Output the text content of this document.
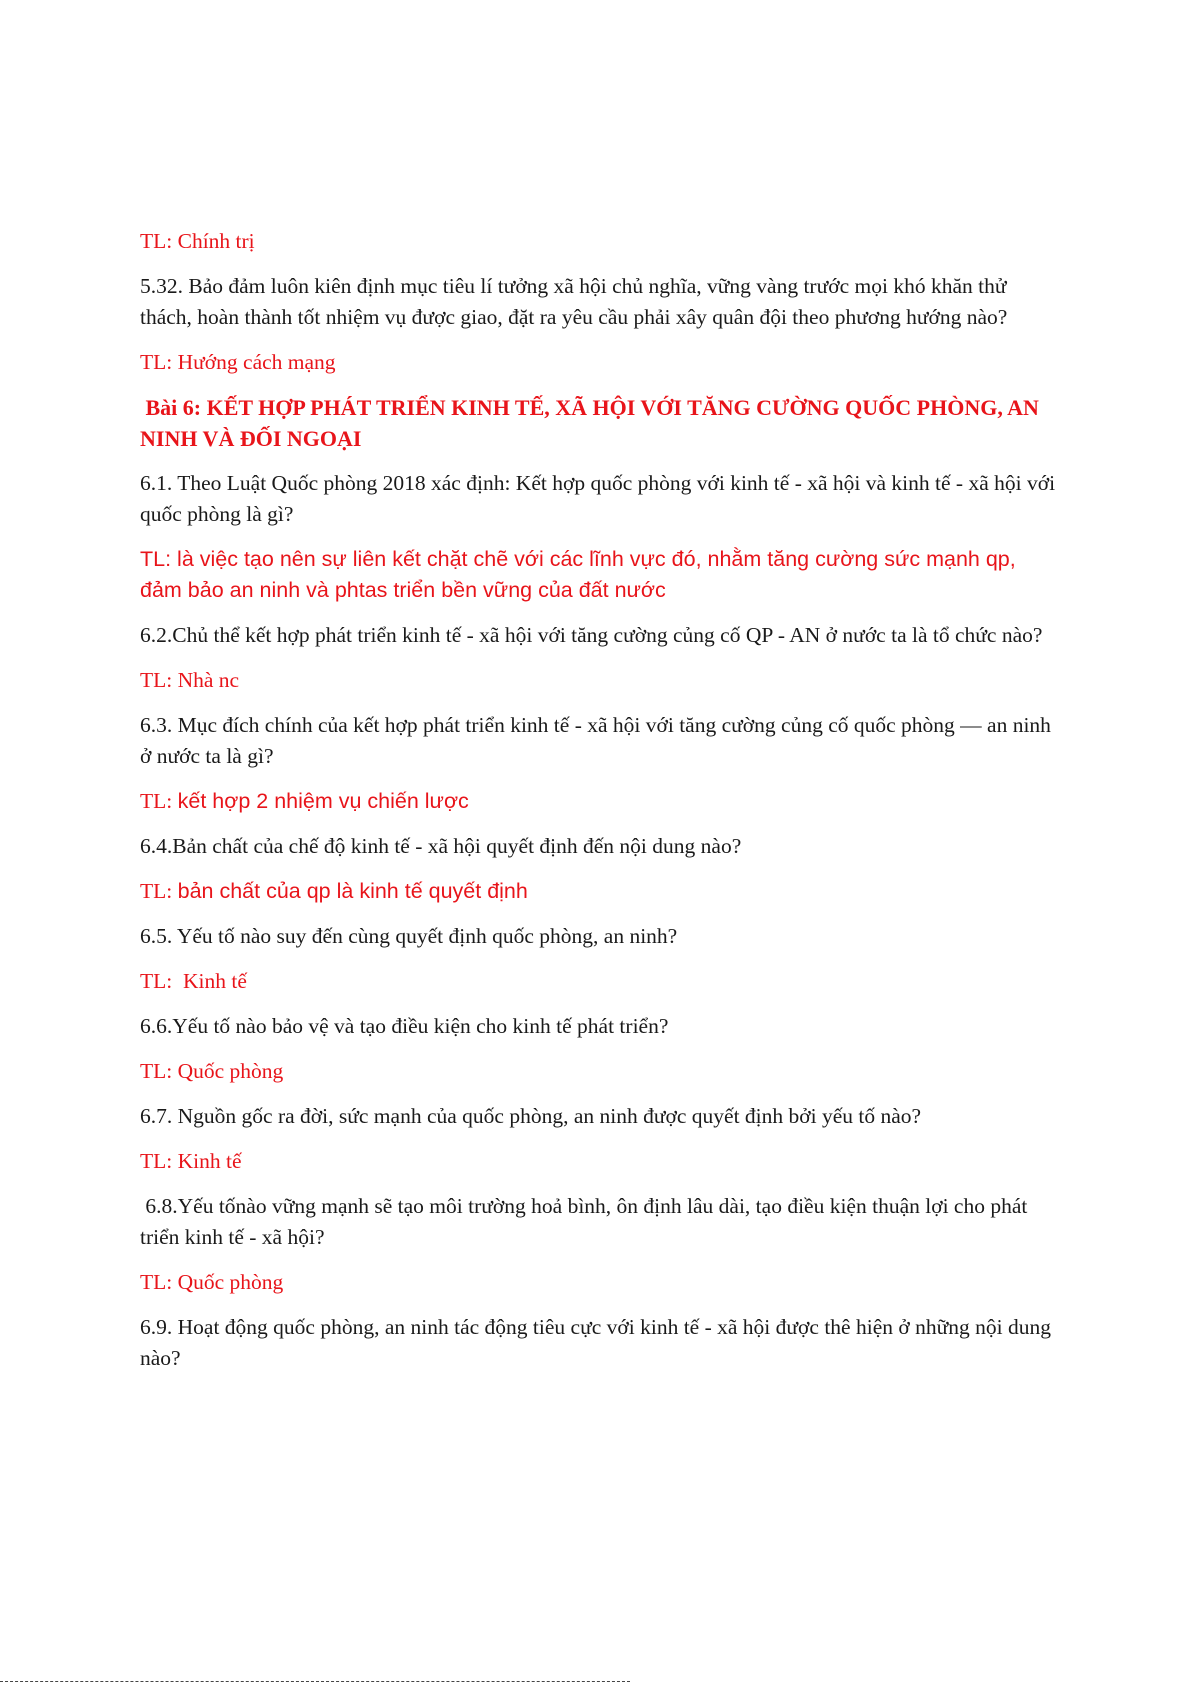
TL: Chính trị

5.32. Bảo đảm luôn kiên định mục tiêu lí tưởng xã hội chủ nghĩa, vững vàng trước mọi khó khăn thử thách, hoàn thành tốt nhiệm vụ được giao, đặt ra yêu cầu phải xây quân đội theo phương hướng nào?

TL: Hướng cách mạng

Bài 6: KẾT HỢP PHÁT TRIỂN KINH TẾ, XÃ HỘI VỚI TĂNG CƯỜNG QUỐC PHÒNG, AN NINH VÀ ĐỐI NGOẠI

6.1. Theo Luật Quốc phòng 2018 xác định: Kết hợp quốc phòng với kinh tế - xã hội và kinh tế - xã hội với quốc phòng là gì?

TL: là việc tạo nên sự liên kết chặt chẽ với các lĩnh vực đó, nhằm tăng cường sức mạnh qp, đảm bảo an ninh và phtas triển bền vững của đất nước

6.2.Chủ thể kết hợp phát triển kinh tế - xã hội với tăng cường củng cố QP - AN ở nước ta là tổ chức nào?

TL: Nhà nc

6.3. Mục đích chính của kết hợp phát triển kinh tế - xã hội với tăng cường củng cố quốc phòng — an ninh ở nước ta là gì?

TL: kết hợp 2 nhiệm vụ chiến lược

6.4.Bản chất của chế độ kinh tế - xã hội quyết định đến nội dung nào?

TL: bản chất của qp là kinh tế quyết định

6.5. Yếu tố nào suy đến cùng quyết định quốc phòng, an ninh?

TL:  Kinh tế

6.6.Yếu tố nào bảo vệ và tạo điều kiện cho kinh tế phát triển?

TL: Quốc phòng

6.7. Nguồn gốc ra đời, sức mạnh của quốc phòng, an ninh được quyết định bởi yếu tố nào?

TL: Kinh tế

6.8.Yếu tốnào vững mạnh sẽ tạo môi trường hoả bình, ôn định lâu dài, tạo điều kiện thuận lợi cho phát triển kinh tế - xã hội?

TL: Quốc phòng

6.9. Hoạt động quốc phòng, an ninh tác động tiêu cực với kinh tế - xã hội được thê hiện ở những nội dung nào?
